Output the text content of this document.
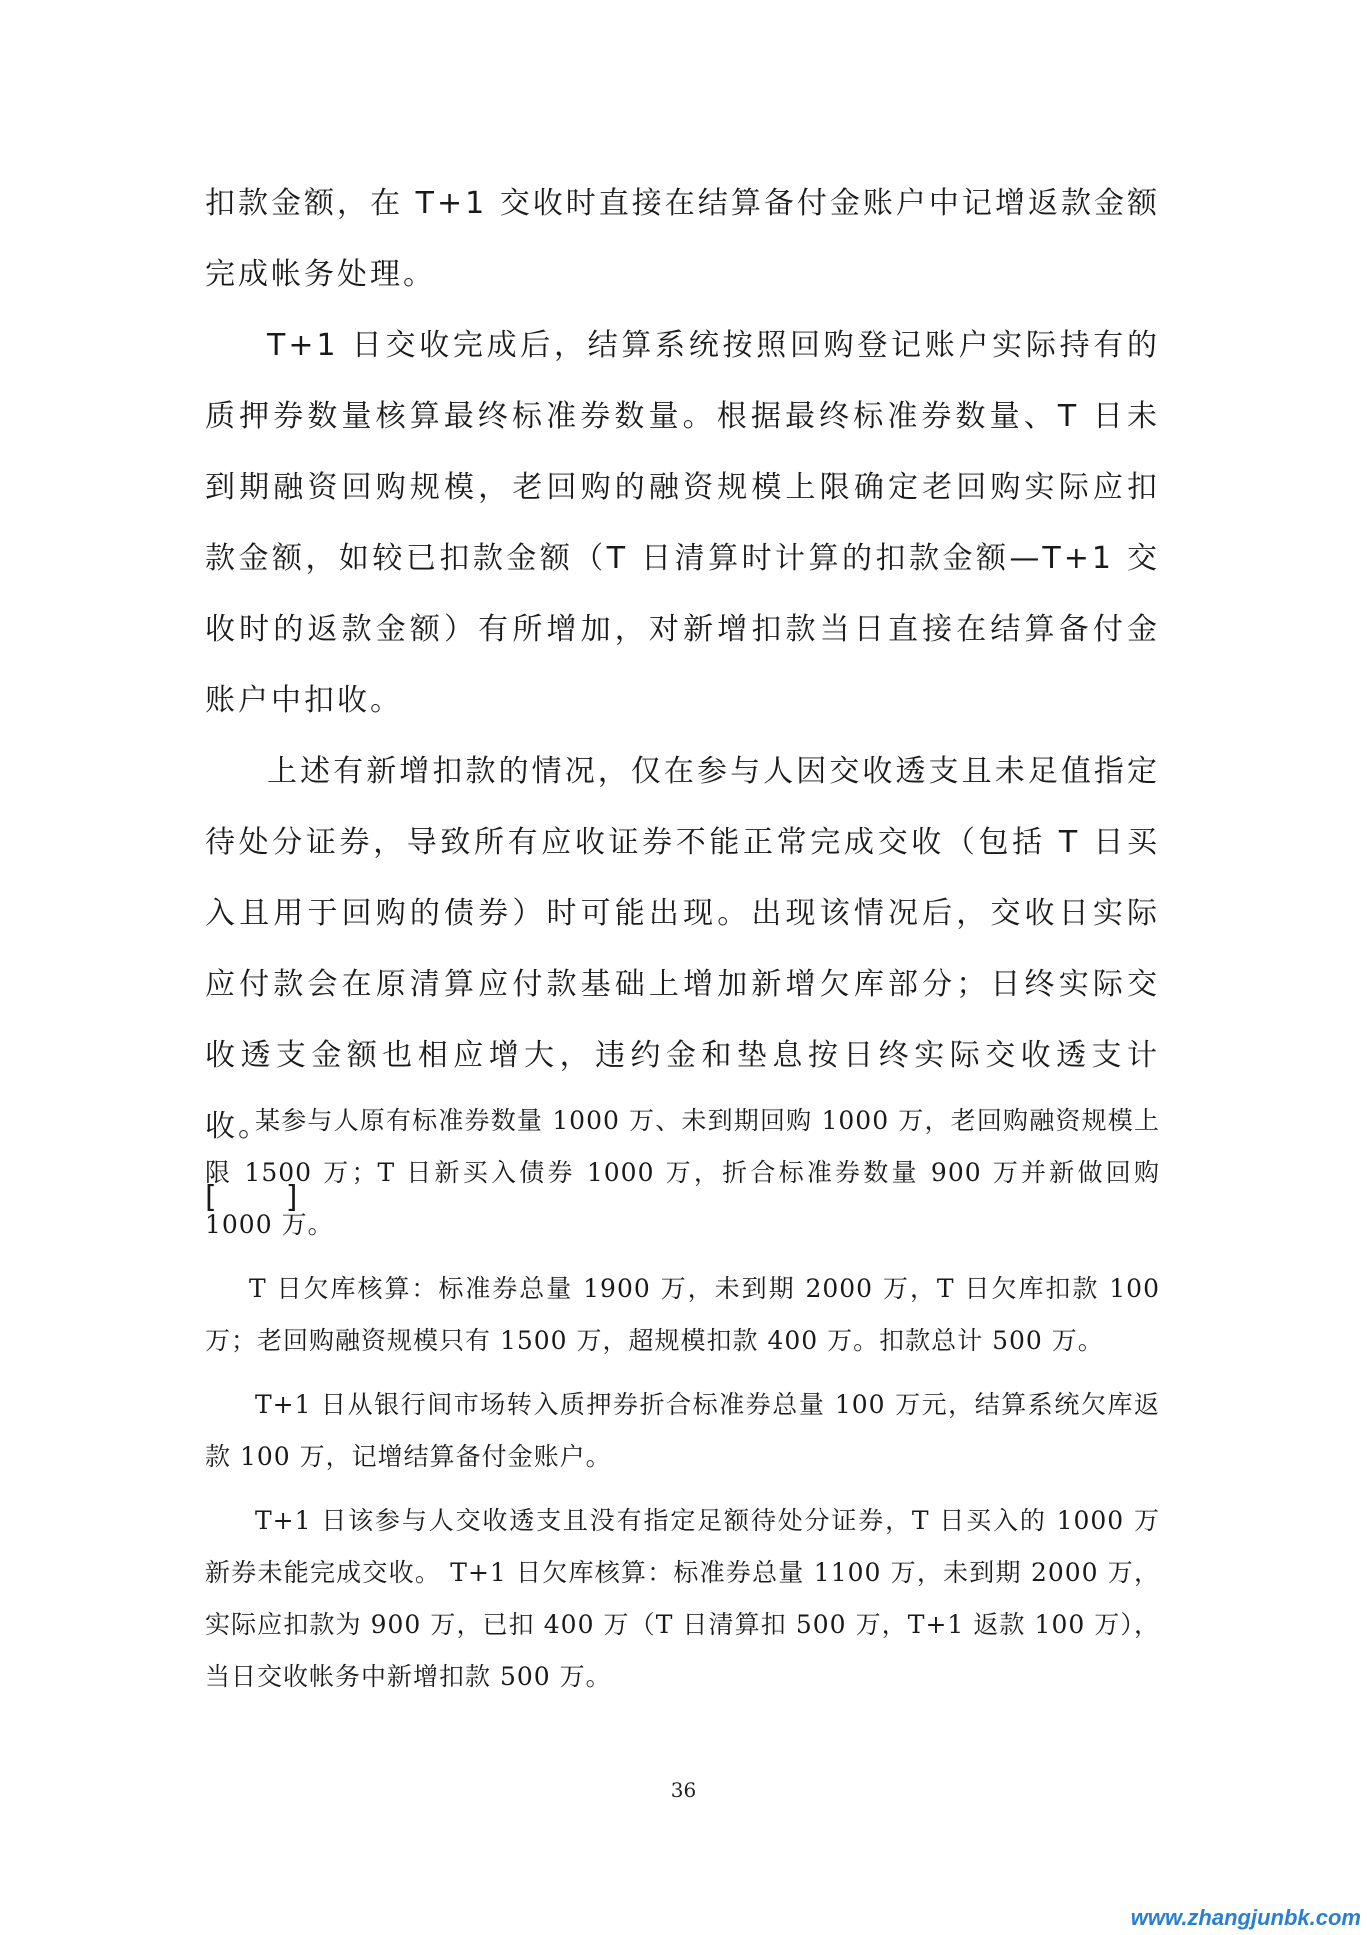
扣款金额，在 T+1 交收时直接在结算备付金账户中记增返款金额完成帐务处理。

T+1 日交收完成后，结算系统按照回购登记账户实际持有的质押券数量核算最终标准券数量。根据最终标准券数量、T 日未到期融资回购规模，老回购的融资规模上限确定老回购实际应扣款金额，如较已扣款金额（T 日清算时计算的扣款金额—T+1 交收时的返款金额）有所增加，对新增扣款当日直接在结算备付金账户中扣收。

上述有新增扣款的情况，仅在参与人因交收透支且未足值指定待处分证券，导致所有应收证券不能正常完成交收（包括 T 日买入且用于回购的债券）时可能出现。出现该情况后，交收日实际应付款会在原清算应付款基础上增加新增欠库部分；日终实际交收透支金额也相应增大，违约金和垫息按日终实际交收透支计收。

[　　]

某参与人原有标准券数量 1000 万、未到期回购 1000 万，老回购融资规模上限 1500 万；T 日新买入债券 1000 万，折合标准券数量 900 万并新做回购 1000 万。

T 日欠库核算：标准券总量 1900 万，未到期 2000 万，T 日欠库扣款 100 万；老回购融资规模只有 1500 万，超规模扣款 400 万。扣款总计 500 万。

T+1 日从银行间市场转入质押券折合标准券总量 100 万元，结算系统欠库返款 100 万，记增结算备付金账户。

T+1 日该参与人交收透支且没有指定足额待处分证券，T 日买入的 1000 万新券未能完成交收。 T+1 日欠库核算：标准券总量 1100 万，未到期 2000 万，实际应扣款为 900 万，已扣 400 万（T 日清算扣 500 万，T+1 返款 100 万），当日交收帐务中新增扣款 500 万。

36
www.zhangjunbk.com
